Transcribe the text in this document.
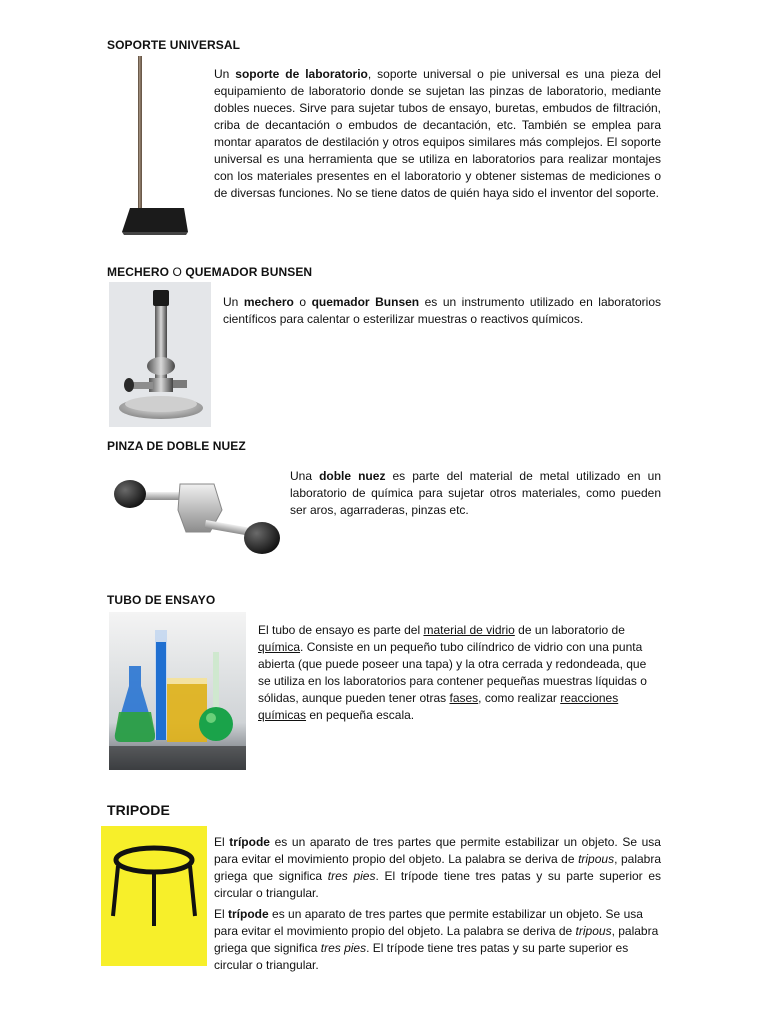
SOPORTE UNIVERSAL
Un soporte de laboratorio, soporte universal o pie universal es una pieza del equipamiento de laboratorio donde se sujetan las pinzas de laboratorio, mediante dobles nueces. Sirve para sujetar tubos de ensayo, buretas, embudos de filtración, criba de decantación o embudos de decantación, etc. También se emplea para montar aparatos de destilación y otros equipos similares más complejos. El soporte universal es una herramienta que se utiliza en laboratorios para realizar montajes con los materiales presentes en el laboratorio y obtener sistemas de mediciones o de diversas funciones. No se tiene datos de quién haya sido el inventor del soporte.
MECHERO O QUEMADOR BUNSEN
Un mechero o quemador Bunsen es un instrumento utilizado en laboratorios científicos para calentar o esterilizar muestras o reactivos químicos.
PINZA DE DOBLE NUEZ
Una doble nuez es parte del material de metal utilizado en un laboratorio de química para sujetar otros materiales, como pueden ser aros, agarraderas, pinzas etc.
TUBO DE ENSAYO
El tubo de ensayo es parte del material de vidrio de un laboratorio de química. Consiste en un pequeño tubo cilíndrico de vidrio con una punta abierta (que puede poseer una tapa) y la otra cerrada y redondeada, que se utiliza en los laboratorios para contener pequeñas muestras líquidas o sólidas, aunque pueden tener otras fases, como realizar reacciones químicas en pequeña escala.
TRIPODE
El trípode es un aparato de tres partes que permite estabilizar un objeto. Se usa para evitar el movimiento propio del objeto. La palabra se deriva de tripous, palabra griega que significa tres pies. El trípode tiene tres patas y su parte superior es circular o triangular.
El trípode es un aparato de tres partes que permite estabilizar un objeto. Se usa para evitar el movimiento propio del objeto. La palabra se deriva de tripous, palabra griega que significa tres pies. El trípode tiene tres patas y su parte superior es circular o triangular.
